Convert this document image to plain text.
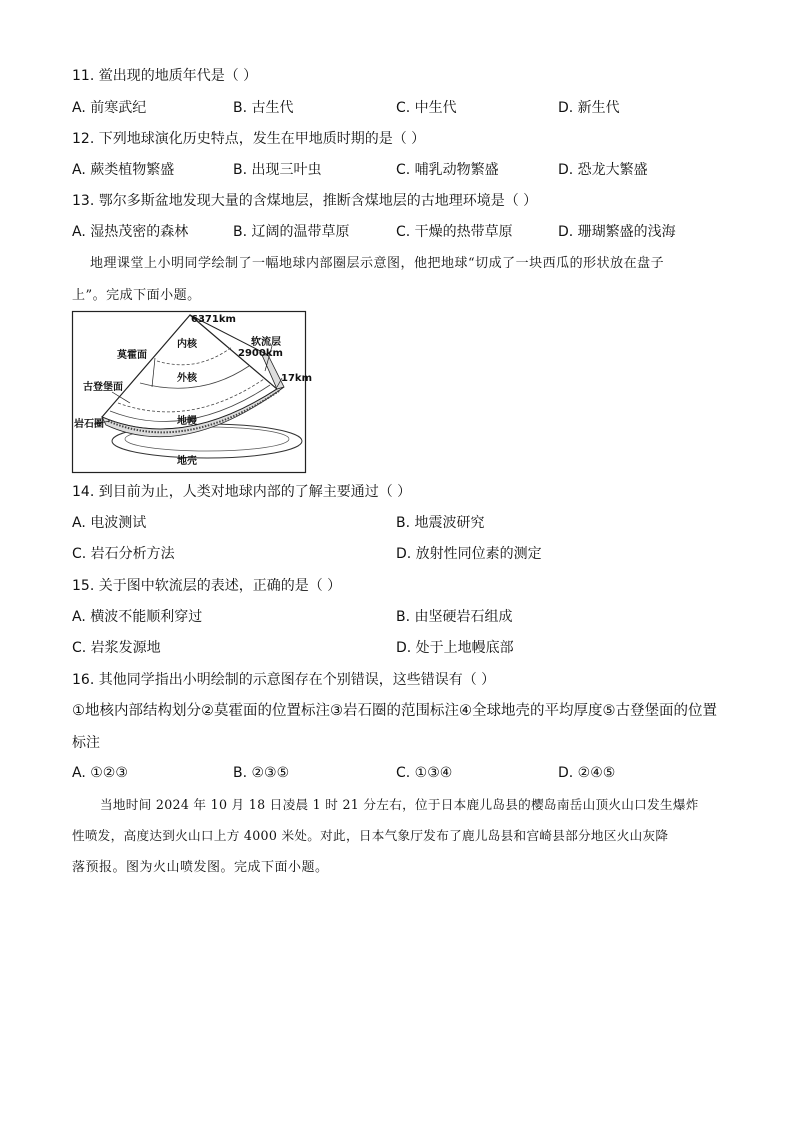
11. 鲎出现的地质年代是（ ）
A. 前寒武纪	B. 古生代	C. 中生代	D. 新生代
12. 下列地球演化历史特点，发生在甲地质时期的是（ ）
A. 蕨类植物繁盛	B. 出现三叶虫	C. 哺乳动物繁盛	D. 恐龙大繁盛
13. 鄂尔多斯盆地发现大量的含煤地层，推断含煤地层的古地理环境是（ ）
A. 湿热茂密的森林	B. 辽阔的温带草原	C. 干燥的热带草原	D. 珊瑚繁盛的浅海
地理课堂上小明同学绘制了一幅地球内部圈层示意图，他把地球“切成了一块西瓜的形状放在盘子
上”。完成下面小题。
6371km
内核
莫霍面
软流层
2900km
外核	17km
古登堡面
岩石圈	地幔
地壳
14. 到目前为止，人类对地球内部的了解主要通过（ ）
A. 电波测试	B. 地震波研究
C. 岩石分析方法	D. 放射性同位素的测定
15. 关于图中软流层的表述，正确的是（ ）
A. 横波不能顺利穿过	B. 由坚硬岩石组成
C. 岩浆发源地	D. 处于上地幔底部
16. 其他同学指出小明绘制的示意图存在个别错误，这些错误有（ ）
①地核内部结构划分②莫霍面的位置标注③岩石圈的范围标注④全球地壳的平均厚度⑤古登堡面的位置
标注
A. ①②③	B. ②③⑤	C. ①③④	D. ②④⑤
当地时间 2024 年 10 月 18 日凌晨 1 时 21 分左右，位于日本鹿儿岛县的樱岛南岳山顶火山口发生爆炸
性喷发，高度达到火山口上方 4000 米处。对此，日本气象厅发布了鹿儿岛县和宫崎县部分地区火山灰降
落预报。图为火山喷发图。完成下面小题。
